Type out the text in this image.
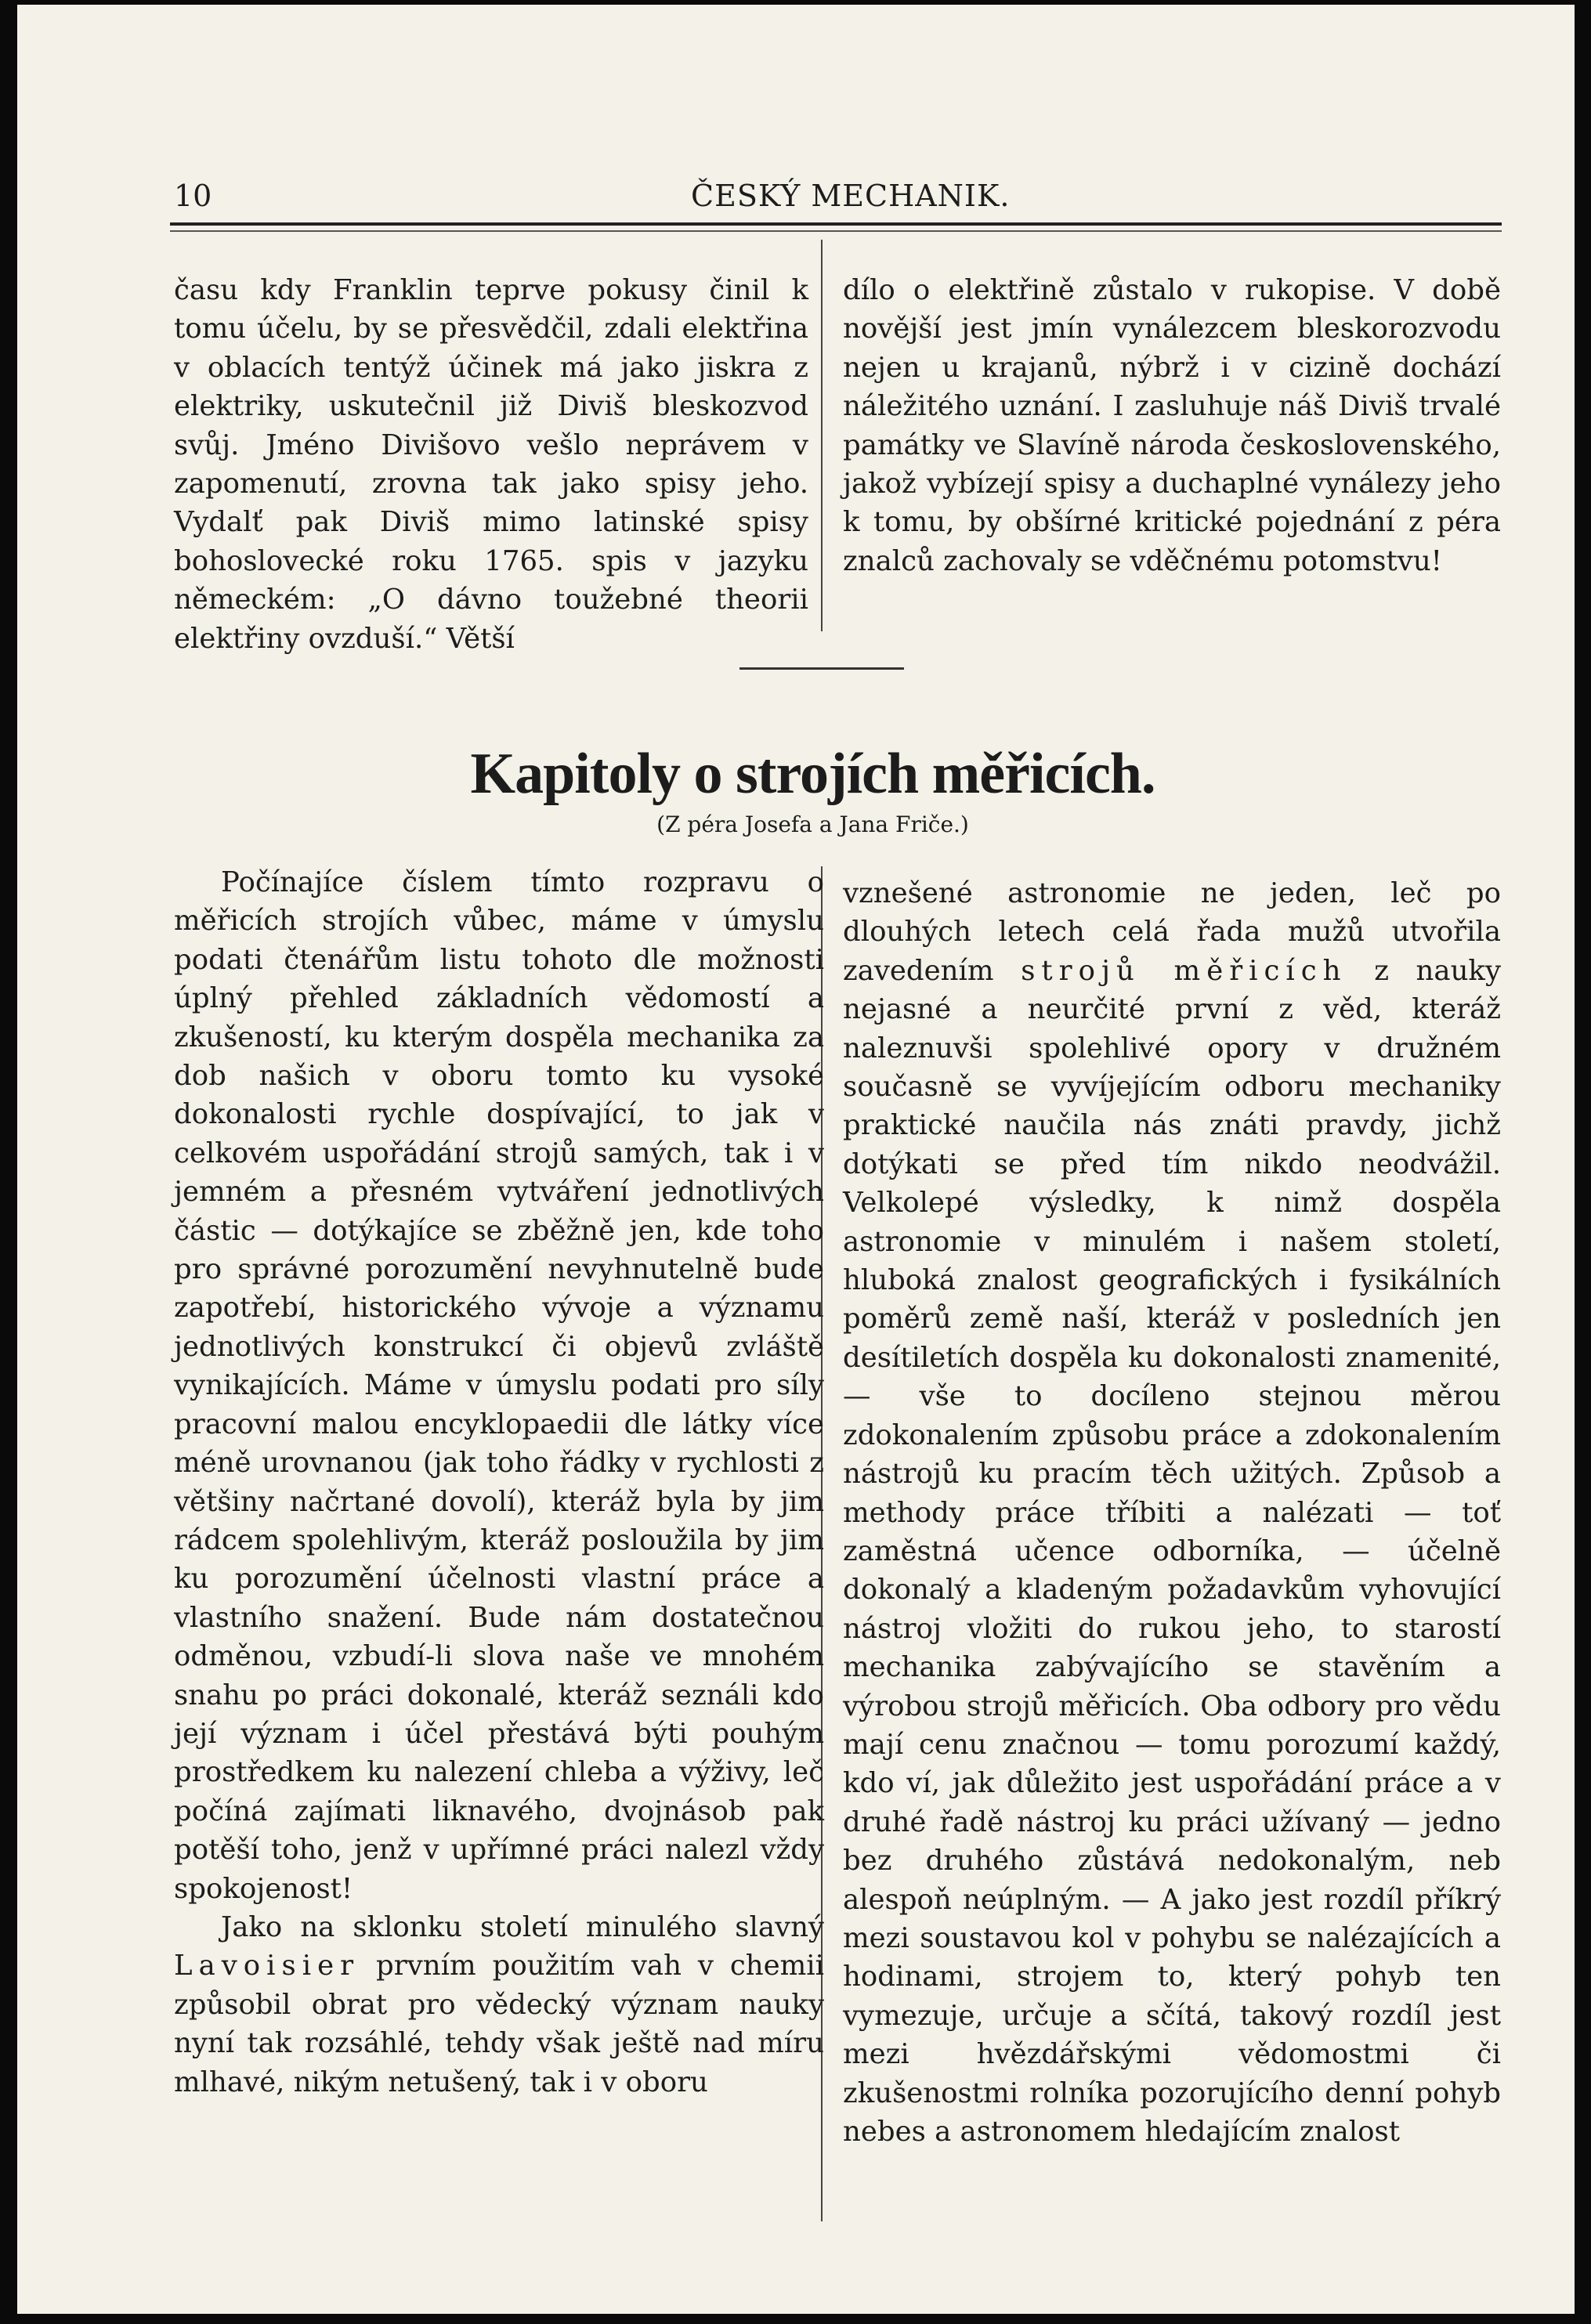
10	ČESKÝ MECHANIK.

času kdy Franklin teprve pokusy činil k tomu účelu, by se přesvědčil, zdali elektřina v oblacích tentýž účinek má jako jiskra z elektriky, uskutečnil již Diviš bleskozvod svůj. Jméno Divišovo vešlo neprávem v zapomenutí, zrovna tak jako spisy jeho. Vydalť pak Diviš mimo latinské spisy bohoslovecké roku 1765. spis v jazyku německém: „O dávno toužebné theorii elektřiny ovzduší.“ Větší

dílo o elektřině zůstalo v rukopise. V době novější jest jmín vynálezcem bleskorozvodu nejen u krajanů, nýbrž i v cizině dochází náležitého uznání. I zasluhuje náš Diviš trvalé památky ve Slavíně národa československého, jakož vybízejí spisy a duchaplné vynálezy jeho k tomu, by obšírné kritické pojednání z péra znalců zachovaly se vděčnému potomstvu!

Kapitoly o strojích měřicích.
(Z péra Josefa a Jana Friče.)

Počínajíce číslem tímto rozpravu o měřicích strojích vůbec, máme v úmyslu podati čtenářům listu tohoto dle možnosti úplný přehled základních vědomostí a zkušeností, ku kterým dospěla mechanika za dob našich v oboru tomto ku vysoké dokonalosti rychle dospívající, to jak v celkovém uspořádání strojů samých, tak i v jemném a přesném vytváření jednotlivých částic — dotýkajíce se zběžně jen, kde toho pro správné porozumění nevyhnutelně bude zapotřebí, historického vývoje a významu jednotlivých konstrukcí či objevů zvláště vynikajících. Máme v úmyslu podati pro síly pracovní malou encyklopaedii dle látky více méně urovnanou (jak toho řádky v rychlosti z většiny načrtané dovolí), kteráž byla by jim rádcem spolehlivým, kteráž posloužila by jim ku porozumění účelnosti vlastní práce a vlastního snažení. Bude nám dostatečnou odměnou, vzbudí-li slova naše ve mnohém snahu po práci dokonalé, kteráž seználi kdo její význam i účel přestává býti pouhým prostředkem ku nalezení chleba a výživy, leč počíná zajímati liknavého, dvojnásob pak potěší toho, jenž v upřímné práci nalezl vždy spokojenost!

Jako na sklonku století minulého slavný Lavoisier prvním použitím vah v chemii způsobil obrat pro vědecký význam nauky nyní tak rozsáhlé, tehdy však ještě nad míru mlhavé, nikým netušený, tak i v oboru

vznešené astronomie ne jeden, leč po dlouhých letech celá řada mužů utvořila zavedením strojů měřicích z nauky nejasné a neurčité první z věd, kteráž naleznuvši spolehlivé opory v družném současně se vyvíjejícím odboru mechaniky praktické naučila nás znáti pravdy, jichž dotýkati se před tím nikdo neodvážil. Velkolepé výsledky, k nimž dospěla astronomie v minulém i našem století, hluboká znalost geografických i fysikálních poměrů země naší, kteráž v posledních jen desítiletích dospěla ku dokonalosti znamenité, — vše to docíleno stejnou měrou zdokonalením způsobu práce a zdokonalením nástrojů ku pracím těch užitých. Způsob a methody práce tříbiti a nalézati — toť zaměstná učence odborníka, — účelně dokonalý a kladeným požadavkům vyhovující nástroj vložiti do rukou jeho, to starostí mechanika zabývajícího se stavěním a výrobou strojů měřicích. Oba odbory pro vědu mají cenu značnou — tomu porozumí každý, kdo ví, jak důležito jest uspořádání práce a v druhé řadě nástroj ku práci užívaný — jedno bez druhého zůstává nedokonalým, neb alespoň neúplným. — A jako jest rozdíl příkrý mezi soustavou kol v pohybu se nalézajících a hodinami, strojem to, který pohyb ten vymezuje, určuje a sčítá, takový rozdíl jest mezi hvězdářskými vědomostmi či zkušenostmi rolníka pozorujícího denní pohyb nebes a astronomem hledajícím znalost
